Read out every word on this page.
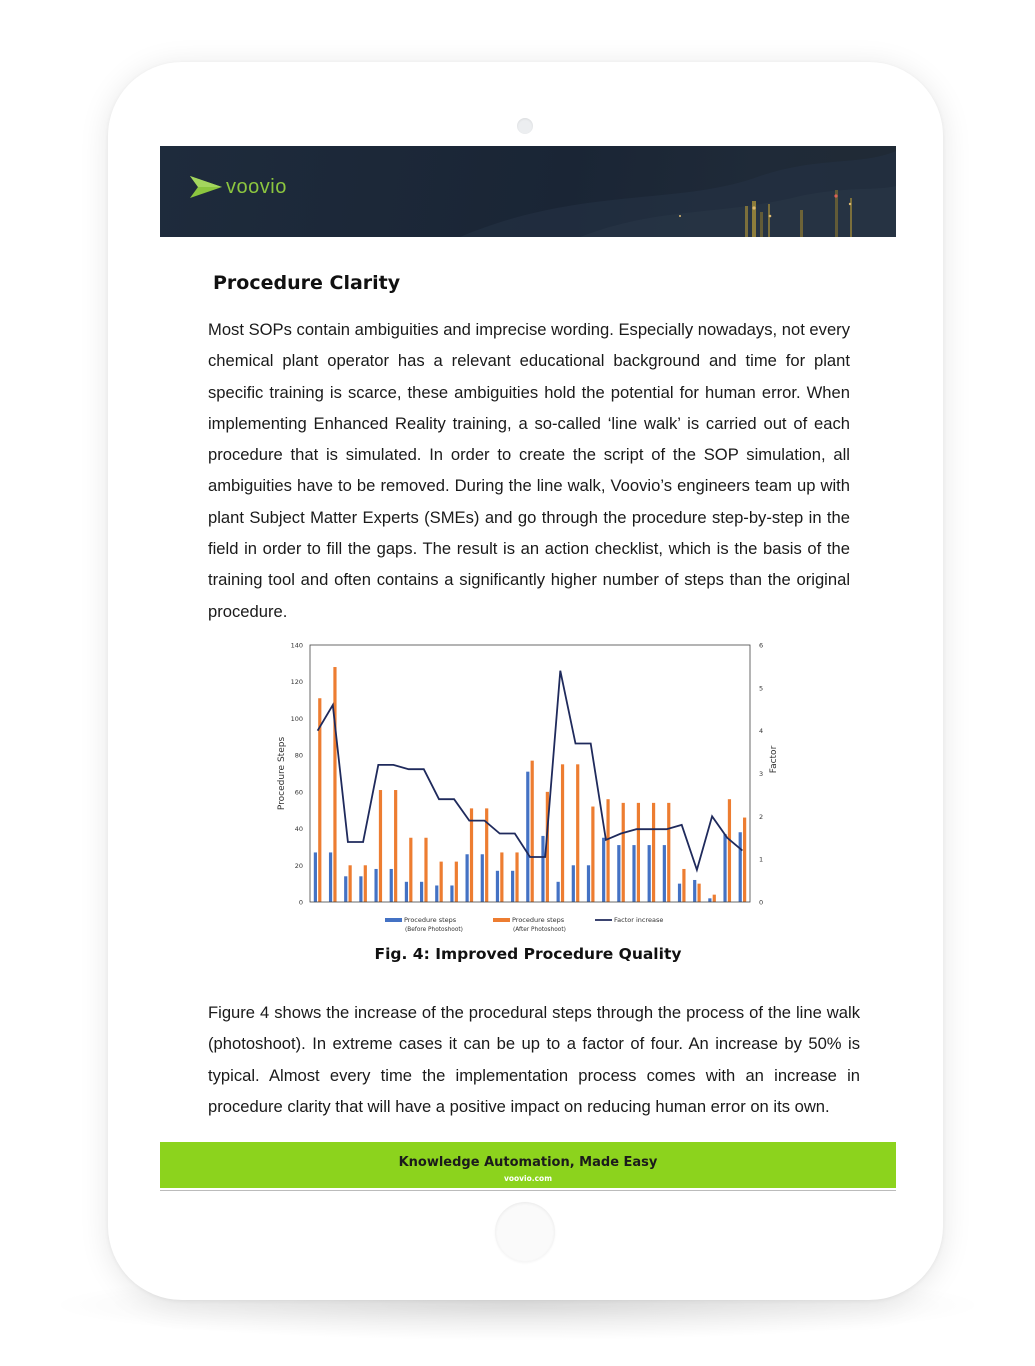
voovio
Procedure Clarity

Most SOPs contain ambiguities and imprecise wording. Especially nowadays, not every chemical plant operator has a relevant educational background and time for plant specific training is scarce, these ambiguities hold the potential for human error. When implementing Enhanced Reality training, a so-called ‘line walk’ is carried out of each procedure that is simulated. In order to create the script of the SOP simulation, all ambiguities have to be removed. During the line walk, Voovio’s engineers team up with plant Subject Matter Experts (SMEs) and go through the procedure step-by-step in the field in order to fill the gaps. The result is an action checklist, which is the basis of the training tool and often contains a significantly higher number of steps than the original procedure.

0
20
40
60
80
100
120
140
0
1
2
3
4
5
6
Procedure Steps	Factor
Procedure steps
(Before Photoshoot)
Procedure steps
(After Photoshoot)
Factor increase

Fig. 4: Improved Procedure Quality

Figure 4 shows the increase of the procedural steps through the process of the line walk (photoshoot). In extreme cases it can be up to a factor of four. An increase by 50% is typical. Almost every time the implementation process comes with an increase in procedure clarity that will have a positive impact on reducing human error on its own.

Knowledge Automation, Made Easy
voovio.com
